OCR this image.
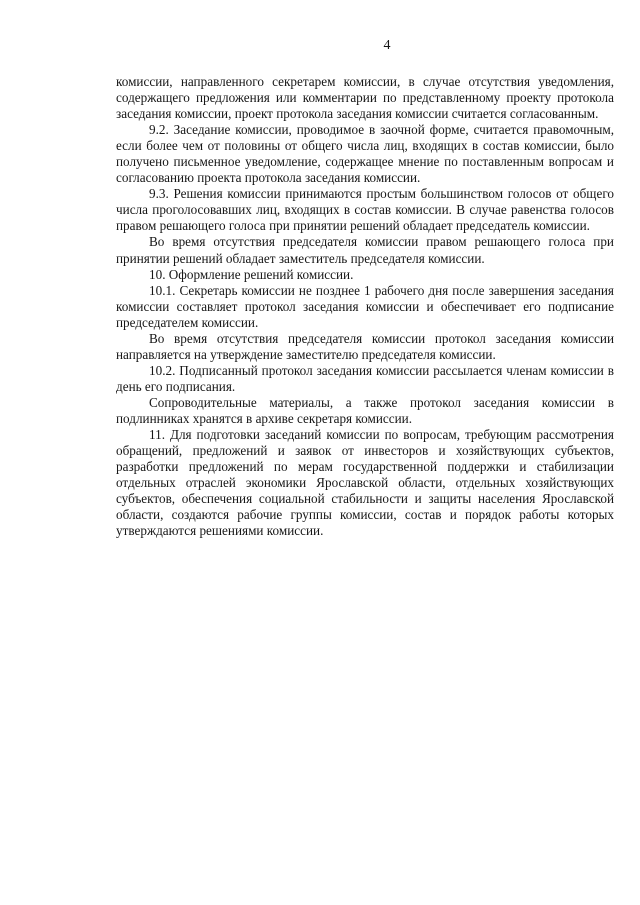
4

комиссии, направленного секретарем комиссии, в случае отсутствия уведомления, содержащего предложения или комментарии по представленному проекту протокола заседания комиссии, проект протокола заседания комиссии считается согласованным.

9.2. Заседание комиссии, проводимое в заочной форме, считается правомочным, если более чем от половины от общего числа лиц, входящих в состав комиссии, было получено письменное уведомление, содержащее мнение по поставленным вопросам и согласованию проекта протокола заседания комиссии.

9.3. Решения комиссии принимаются простым большинством голосов от общего числа проголосовавших лиц, входящих в состав комиссии. В случае равенства голосов правом решающего голоса при принятии решений обладает председатель комиссии.

Во время отсутствия председателя комиссии правом решающего голоса при принятии решений обладает заместитель председателя комиссии.

10. Оформление решений комиссии.

10.1. Секретарь комиссии не позднее 1 рабочего дня после завершения заседания комиссии составляет протокол заседания комиссии и обеспечивает его подписание председателем комиссии.

Во время отсутствия председателя комиссии протокол заседания комиссии направляется на утверждение заместителю председателя комиссии.

10.2. Подписанный протокол заседания комиссии рассылается членам комиссии в день его подписания.

Сопроводительные материалы, а также протокол заседания комиссии в подлинниках хранятся в архиве секретаря комиссии.

11. Для подготовки заседаний комиссии по вопросам, требующим рассмотрения обращений, предложений и заявок от инвесторов и хозяйствующих субъектов, разработки предложений по мерам государственной поддержки и стабилизации отдельных отраслей экономики Ярославской области, отдельных хозяйствующих субъектов, обеспечения социальной стабильности и защиты населения Ярославской области, создаются рабочие группы комиссии, состав и порядок работы которых утверждаются решениями комиссии.
